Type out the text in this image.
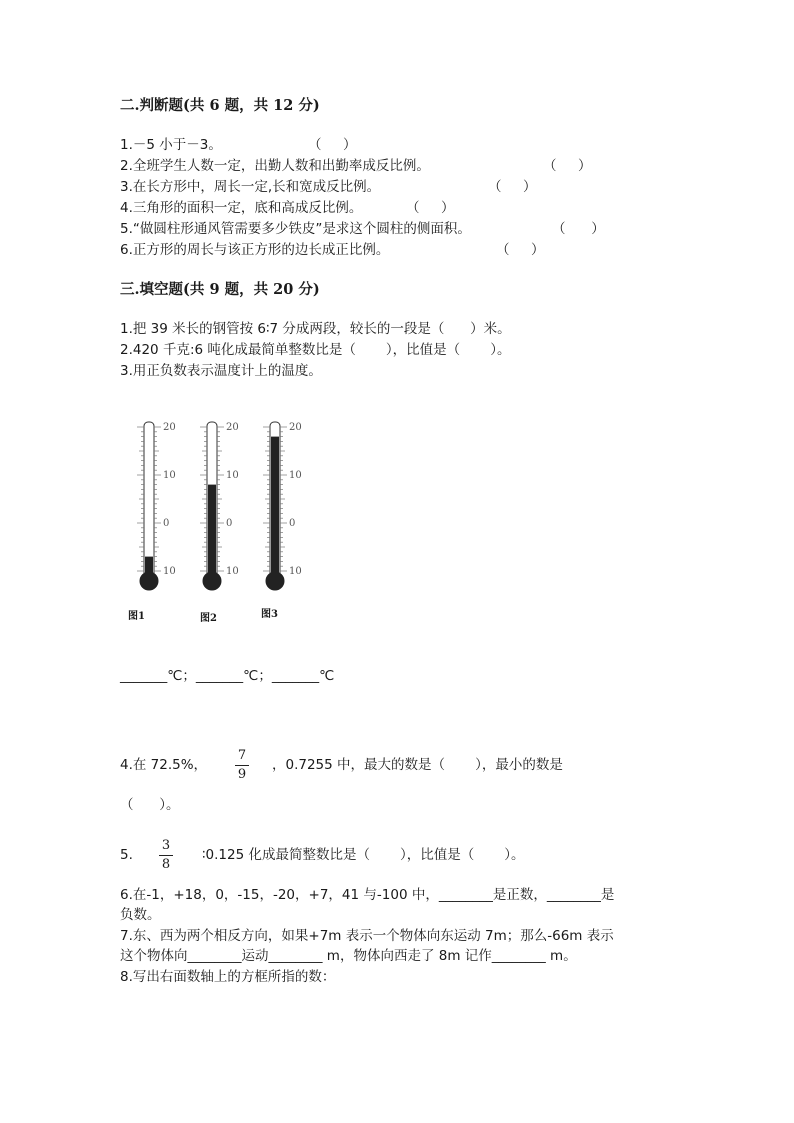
二.判断题(共 6 题，共 12 分)
1.－5 小于－3。	（     ）
2.全班学生人数一定，出勤人数和出勤率成反比例。	（     ）
3.在长方形中，周长一定,长和宽成反比例。	（     ）
4.三角形的面积一定，底和高成反比例。	（     ）
5.“做圆柱形通风管需要多少铁皮”是求这个圆柱的侧面积。	（      ）
6.正方形的周长与该正方形的边长成正比例。	（     ）
三.填空题(共 9 题，共 20 分)
1.把 39 米长的钢管按 6∶7 分成两段，较长的一段是（      ）米。
2.420 千克:6 吨化成最简单整数比是（       ），比值是（       ）。
3.用正负数表示温度计上的温度。
20
10
0
10
20
10
0
10
20
10
0
10
图1	图2	图3
_______℃；_______℃；_______℃
4.在 72.5%，
7
9
，0.7255 中，最大的数是（       ），最小的数是
（      ）。
5.
3
8
∶0.125 化成最简整数比是（       ），比值是（       ）。
6.在-1，+18，0，-15，-20，+7，41 与-100 中，________是正数，________是
负数。
7.东、西为两个相反方向，如果+7m 表示一个物体向东运动 7m；那么-66m 表示
这个物体向________运动________ m，物体向西走了 8m 记作________ m。
8.写出右面数轴上的方框所指的数：
